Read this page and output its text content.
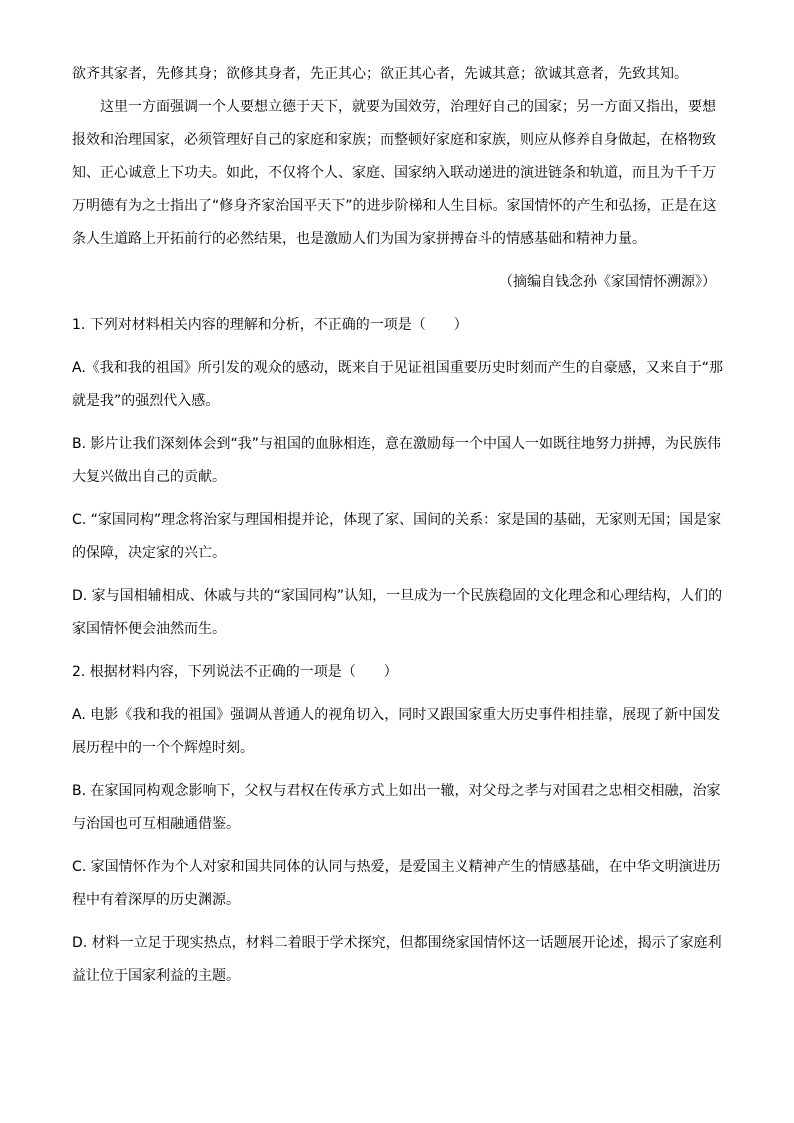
欲齐其家者，先修其身；欲修其身者，先正其心；欲正其心者，先诚其意；欲诚其意者，先致其知。

这里一方面强调一个人要想立德于天下，就要为国效劳，治理好自己的国家；另一方面又指出，要想报效和治理国家，必须管理好自己的家庭和家族；而整顿好家庭和家族，则应从修养自身做起，在格物致知、正心诚意上下功夫。如此，不仅将个人、家庭、国家纳入联动递进的演进链条和轨道，而且为千千万万明德有为之士指出了“修身齐家治国平天下”的进步阶梯和人生目标。家国情怀的产生和弘扬，正是在这条人生道路上开拓前行的必然结果，也是激励人们为国为家拼搏奋斗的情感基础和精神力量。

（摘编自钱念孙《家国情怀溯源》）

1. 下列对材料相关内容的理解和分析，不正确的一项是（　　）

A.《我和我的祖国》所引发的观众的感动，既来自于见证祖国重要历史时刻而产生的自豪感，又来自于“那就是我”的强烈代入感。

B. 影片让我们深刻体会到“我”与祖国的血脉相连，意在激励每一个中国人一如既往地努力拼搏，为民族伟大复兴做出自己的贡献。

C. “家国同构”理念将治家与理国相提并论，体现了家、国间的关系：家是国的基础，无家则无国；国是家的保障，决定家的兴亡。

D. 家与国相辅相成、休戚与共的“家国同构”认知，一旦成为一个民族稳固的文化理念和心理结构，人们的家国情怀便会油然而生。

2. 根据材料内容，下列说法不正确的一项是（　　）

A. 电影《我和我的祖国》强调从普通人的视角切入，同时又跟国家重大历史事件相挂靠，展现了新中国发展历程中的一个个辉煌时刻。

B. 在家国同构观念影响下，父权与君权在传承方式上如出一辙，对父母之孝与对国君之忠相交相融，治家与治国也可互相融通借鉴。

C. 家国情怀作为个人对家和国共同体的认同与热爱，是爱国主义精神产生的情感基础，在中华文明演进历程中有着深厚的历史渊源。

D. 材料一立足于现实热点，材料二着眼于学术探究，但都围绕家国情怀这一话题展开论述，揭示了家庭利益让位于国家利益的主题。
